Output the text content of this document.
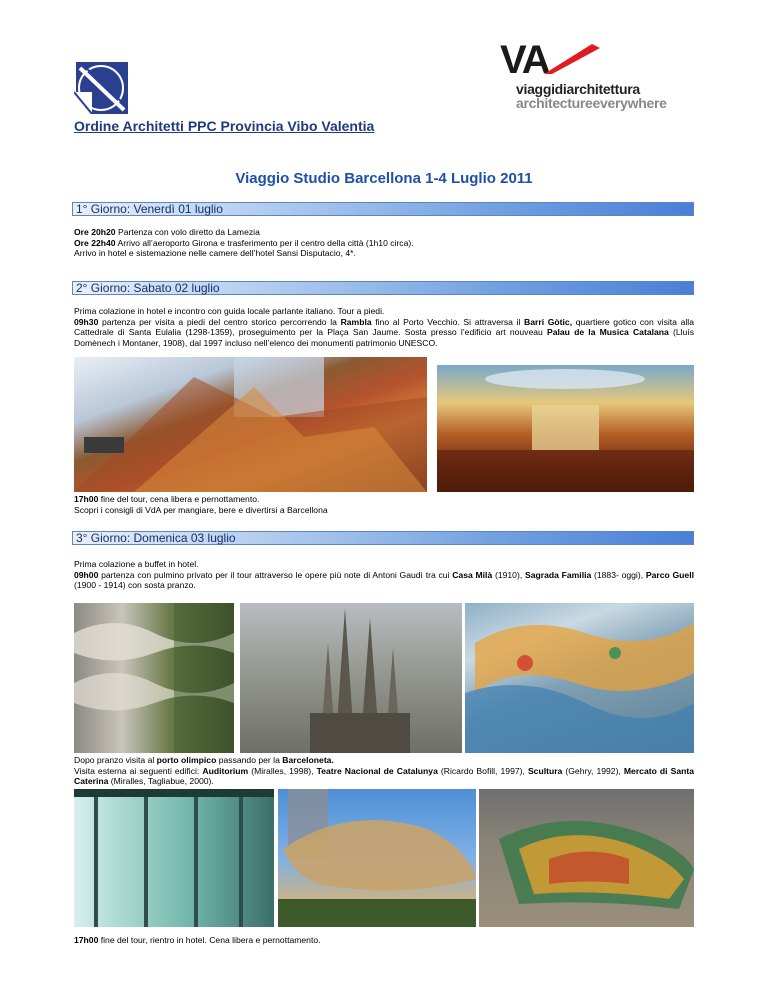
VA
viaggidiarchitettura
architectureeverywhere
Ordine Architetti PPC Provincia Vibo Valentia
Viaggio Studio Barcellona 1-4 Luglio 2011
1° Giorno: Venerdì 01 luglio
Ore 20h20 Partenza con volo diretto da Lamezia
Ore 22h40 Arrivo all’aeroporto Girona e trasferimento per il centro della città (1h10 circa).
Arrivo in hotel e sistemazione nelle camere dell’hotel Sansi Disputacio, 4*.
2° Giorno: Sabato 02 luglio
Prima colazione in hotel e incontro con guida locale parlante italiano. Tour a piedi.
09h30 partenza per visita a piedi del centro storico percorrendo la Rambla fino al Porto Vecchio. Si attraversa il Barri Gòtic, quartiere gotico con visita alla Cattedrale di Santa Eulalia (1298-1359), proseguimento per la Plaça San Jaume. Sosta presso l’edificio art nouveau Palau de la Musica Catalana (Lluís Domènech i Montaner, 1908), dal 1997 incluso nell’elenco dei monumenti patrimonio UNESCO.
17h00 fine del tour, cena libera e pernottamento.
Scopri i consigli di VdA per mangiare, bere e divertirsi a Barcellona
3° Giorno: Domenica 03 luglio
Prima colazione a buffet in hotel.
09h00 partenza con pulmino privato per il tour attraverso le opere più note di Antoni Gaudì tra cui Casa Milà (1910), Sagrada Familia (1883- oggi), Parco Guell (1900 - 1914) con sosta pranzo.
Dopo pranzo visita al porto olimpico passando per la Barceloneta.
Visita esterna ai seguenti edifici: Auditorium (Miralles, 1998), Teatre Nacional de Catalunya (Ricardo Bofill, 1997), Scultura (Gehry, 1992), Mercato di Santa Caterina (Miralles, Tagliabue, 2000).
17h00 fine del tour, rientro in hotel. Cena libera e pernottamento.
